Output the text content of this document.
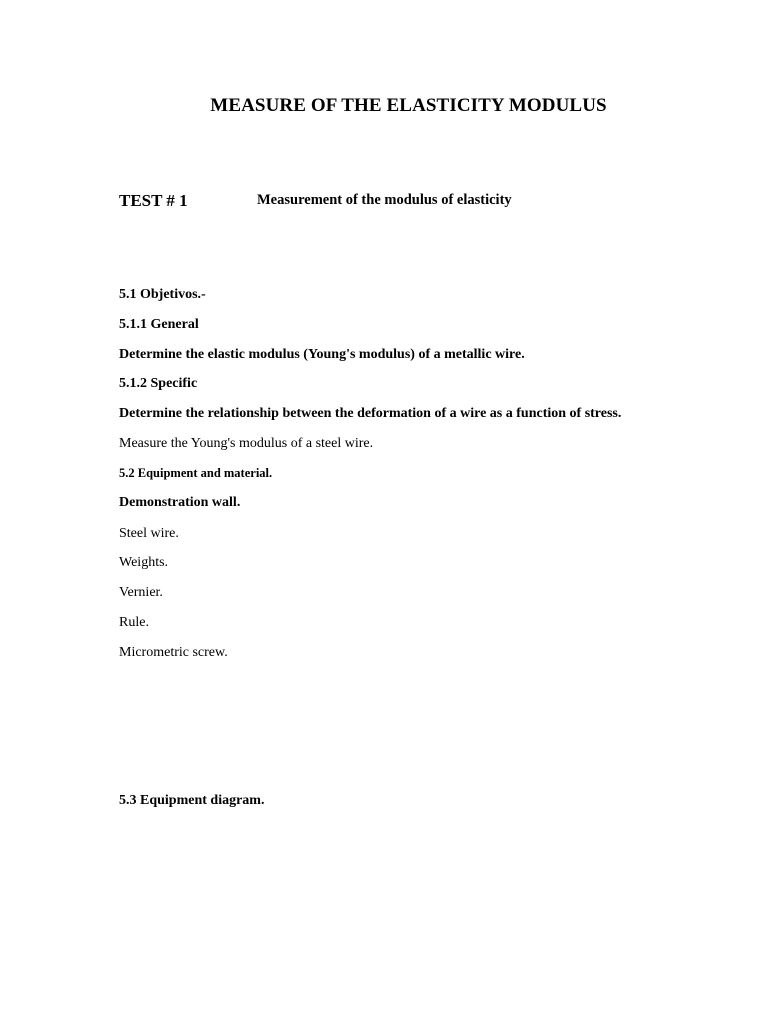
MEASURE OF THE ELASTICITY MODULUS
TEST # 1	Measurement of the modulus of elasticity
5.1 Objetivos.-
5.1.1 General
Determine the elastic modulus (Young's modulus) of a metallic wire.
5.1.2 Specific
Determine the relationship between the deformation of a wire as a function of stress.
Measure the Young's modulus of a steel wire.
5.2 Equipment and material.
Demonstration wall.
Steel wire.
Weights.
Vernier.
Rule.
Micrometric screw.
5.3 Equipment diagram.
